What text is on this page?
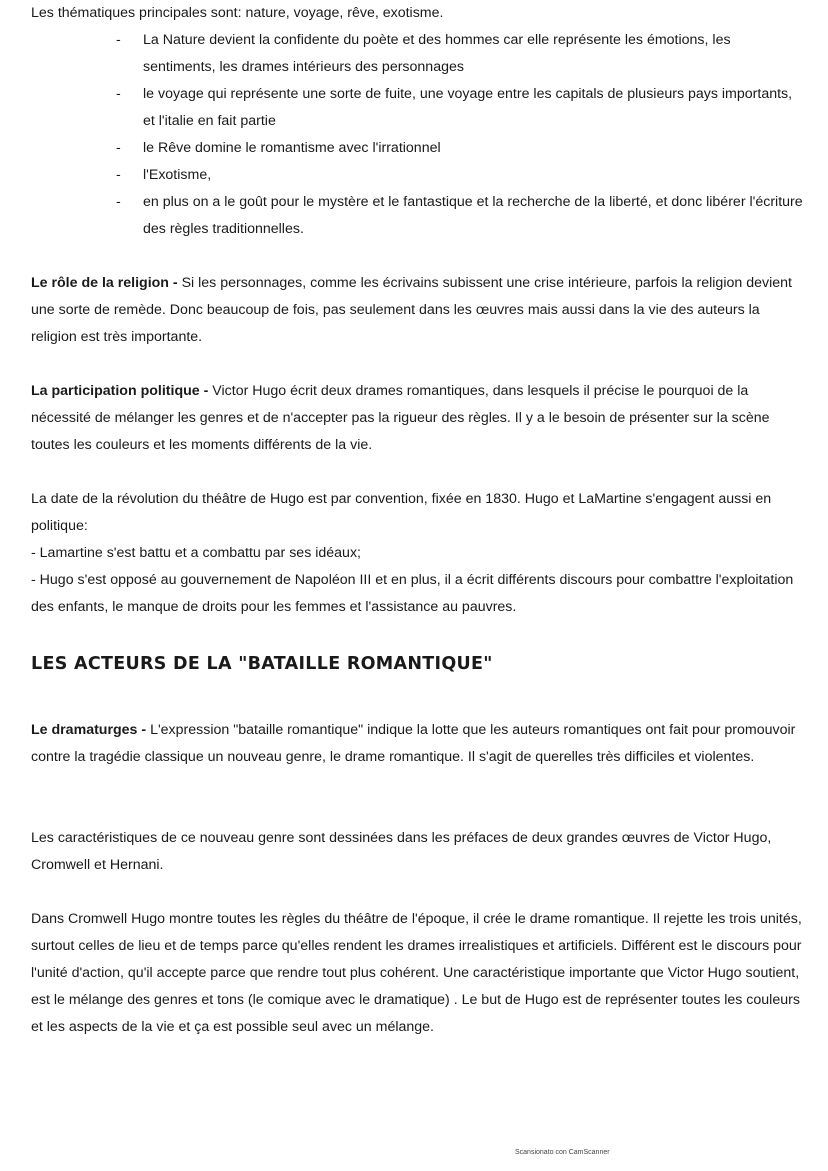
Les thématiques principales sont: nature, voyage, rêve, exotisme.

- La Nature devient la confidente du poète et des hommes car elle représente les émotions, les sentiments, les drames intérieurs des personnages
- le voyage qui représente une sorte de fuite, une voyage entre les capitals de plusieurs pays importants, et l'italie en fait partie
- le Rêve domine le romantisme avec l'irrationnel
- l'Exotisme,
- en plus on a le goût pour le mystère et le fantastique et la recherche de la liberté, et donc libérer l'écriture des règles traditionnelles.

Le rôle de la religion - Si les personnages, comme les écrivains subissent une crise intérieure, parfois la religion devient une sorte de remède. Donc beaucoup de fois, pas seulement dans les œuvres mais aussi dans la vie des auteurs la religion est très importante.

La participation politique - Victor Hugo écrit deux drames romantiques, dans lesquels il précise le pourquoi de la nécessité de mélanger les genres et de n'accepter pas la rigueur des règles. Il y a le besoin de présenter sur la scène toutes les couleurs et les moments différents de la vie.

La date de la révolution du théâtre de Hugo est par convention, fixée en 1830. Hugo et LaMartine s'engagent aussi en politique:

- Lamartine s'est battu et a combattu par ses idéaux;

- Hugo s'est opposé au gouvernement de Napoléon III et en plus, il a écrit différents discours pour combattre l'exploitation des enfants, le manque de droits pour les femmes et l'assistance au pauvres.

LES ACTEURS DE LA "BATAILLE ROMANTIQUE"

Le dramaturges - L'expression "bataille romantique" indique la lotte que les auteurs romantiques ont fait pour promouvoir contre la tragédie classique un nouveau genre, le drame romantique. Il s'agit de querelles très difficiles et violentes.

Les caractéristiques de ce nouveau genre sont dessinées dans les préfaces de deux grandes œuvres de Victor Hugo, Cromwell et Hernani.

Dans Cromwell Hugo montre toutes les règles du théâtre de l'époque, il crée le drame romantique. Il rejette les trois unités, surtout celles de lieu et de temps parce qu'elles rendent les drames irrealistiques et artificiels. Différent est le discours pour l'unité d'action, qu'il accepte parce que rendre tout plus cohérent. Une caractéristique importante que Victor Hugo soutient, est le mélange des genres et tons (le comique avec le dramatique) . Le but de Hugo est de représenter toutes les couleurs et les aspects de la vie et ça est possible seul avec un mélange.

Scansionato con CamScanner
